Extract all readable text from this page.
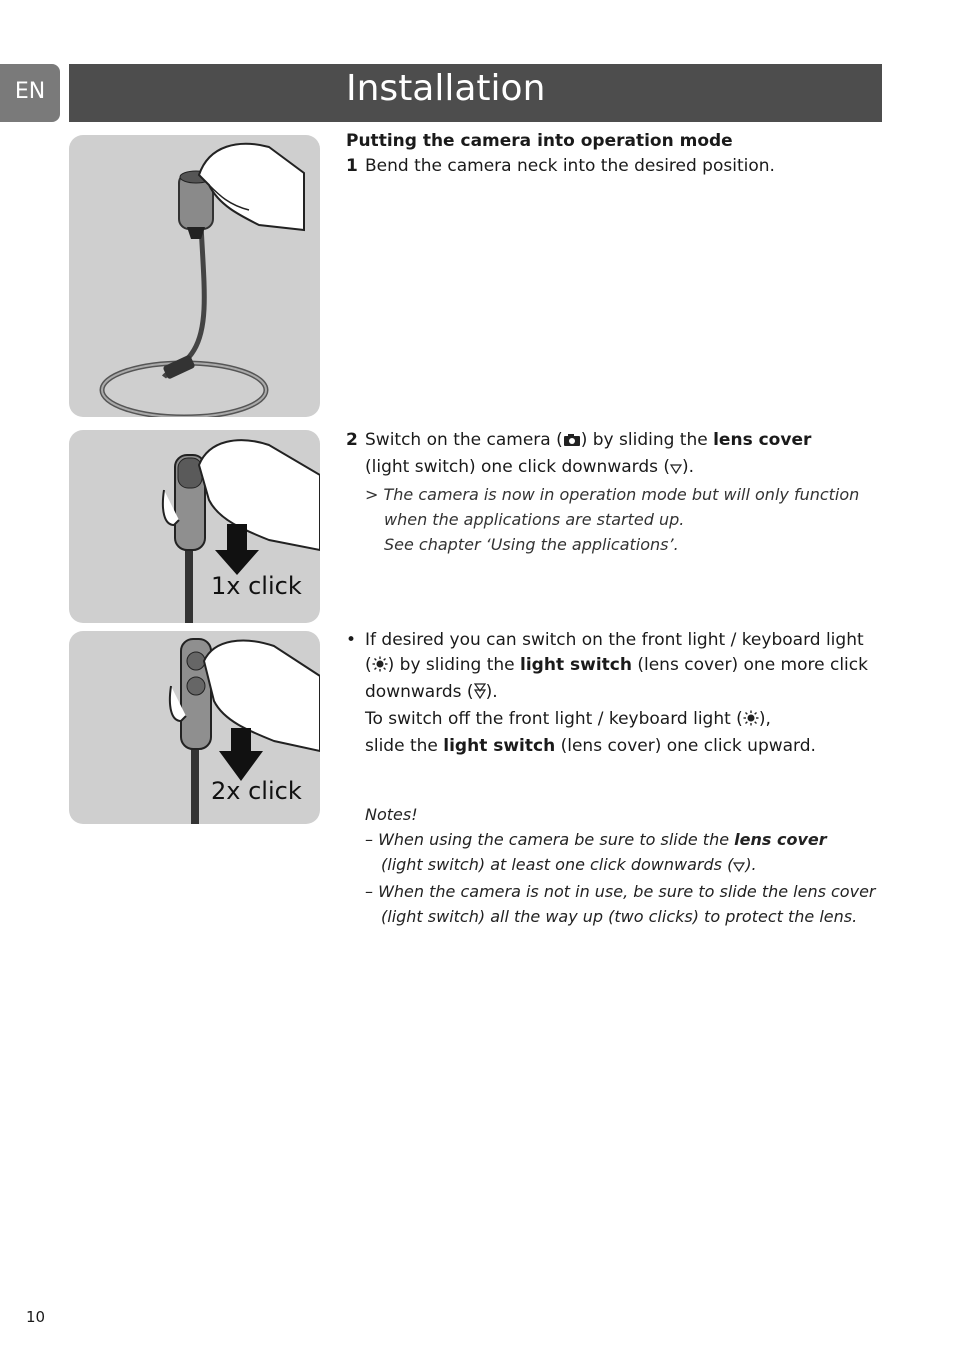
EN	Installation
1x click
2x click
Putting the camera into operation mode
1 Bend the camera neck into the desired position.
2 Switch on the camera ( ) by sliding the lens cover
(light switch) one click downwards ( ).
> The camera is now in operation mode but will only function
when the applications are started up.
See chapter ‘Using the applications’.
• If desired you can switch on the front light / keyboard light
( ) by sliding the light switch (lens cover) one more click
downwards ( ).
To switch off the front light / keyboard light ( ),
slide the light switch (lens cover) one click upward.
Notes!
– When using the camera be sure to slide the lens cover
(light switch) at least one click downwards ( ).
– When the camera is not in use, be sure to slide the lens cover
(light switch) all the way up (two clicks) to protect the lens.
10
